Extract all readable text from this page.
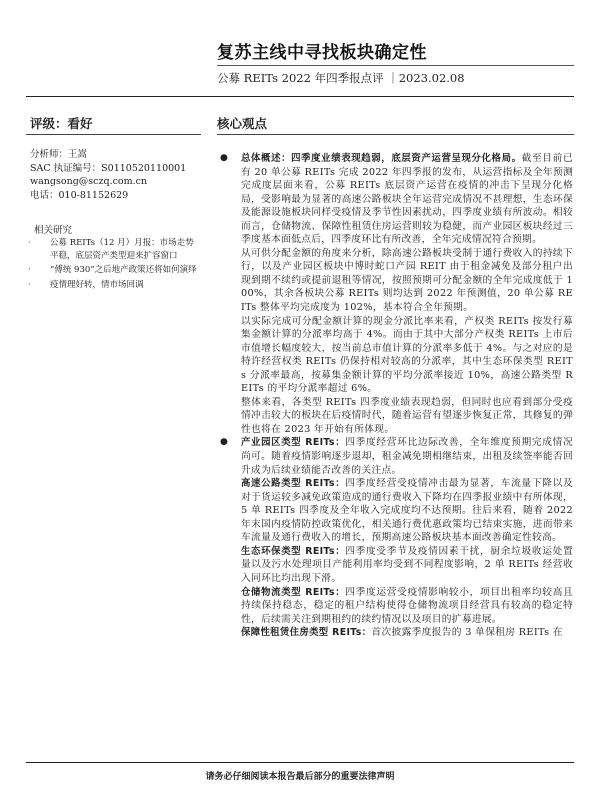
复苏主线中寻找板块确定性
公募 REITs 2022 年四季报点评 ｜2023.02.08
评级：看好	核心观点
分析师：王嵩
SAC 执证编号：S0110520110001
wangsong@sczq.com.cn
电话：010-81152629
相关研究
· 公募 REITs（12 月）月报：市场走势平稳，底层资产类型迎来扩容窗口
· “傅统 930”之后地产政策还将如何演绎
· 疫情理好转，情市场回调

● 总体概述：四季度业绩表现趋弱，底层资产运营呈现分化格局。截至目前已有 20 单公募 REITs 完成 2022 年四季报的发布，从运营指标及全年预测完成度层面来看，公募 REITs 底层资产运营在疫情的冲击下呈现分化格局，受影响最为显著的高速公路板块全年运营完成情况不甚理想，生态环保及能源设施板块同样受疫情及季节性因素扰动，四季度业绩有所波动。相较而言，仓储物流、保障性租赁住房运营则较为稳健，而产业园区板块经过三季度基本面低点后，四季度环比有所改善，全年完成情况符合预期。

从可供分配金额的角度来分析，除高速公路板块受制于通行费收入的持续下行，以及产业园区板块中博时蛇口产园 REIT 由于租金减免及部分租户出现到期不续约或提前退租等情况，按照预期可分配金额的全年完成度低于 100%，其余各板块公募 REITs 则均达到 2022 年预测值，20 单公募 REITs 整体平均完成度为 102%，基本符合全年预期。

以实际完成可分配金额计算的现金分派比率来看，产权类 REITs 按发行募集金额计算的分派率均高于 4%。而由于其中大部分产权类 REITs 上市后市值增长幅度较大，按当前总市值计算的分派率多低于 4%。与之对应的是特许经营权类 REITs 仍保持相对较高的分派率，其中生态环保类型 REITs 分派率最高，按募集金额计算的平均分派率接近 10%，高速公路类型 REITs 的平均分派率超过 6%。

整体来看，各类型 REITs 四季度业绩表现趋弱，但同时也应看到部分受疫情冲击较大的板块在后疫情时代，随着运营有望逐步恢复正常，其修复的弹性也将在 2023 年开始有所体现。

● 产业园区类型 REITs：四季度经营环比边际改善，全年维度预期完成情况尚可。随着疫情影响逐步退却，租金减免期相继结束，出租及续签率能否回升成为后续业绩能否改善的关注点。

高速公路类型 REITs：四季度经营受疫情冲击最为显著，车流量下降以及对于货运较多减免政策造成的通行费收入下降均在四季报业绩中有所体现，5 单 REITs 四季度及全年收入完成度均不达预期。往后来看，随着 2022 年末国内疫情防控政策优化，相关通行费优惠政策均已结束实施，进而带来车流量及通行费收入的增长，预期高速公路板块基本面改善确定性较高。

生态环保类型 REITs：四季度受季节及疫情因素干扰，厨余垃圾收运处置量以及污水处理项目产能利用率均受到不同程度影响，2 单 REITs 经营收入同环比均出现下滑。

仓储物流类型 REITs：四季度运营受疫情影响较小，项目出租率均较高且持续保持稳态，稳定的租户结构使得仓储物流项目经营具有较高的稳定特性，后续需关注到期租约的续约情况以及项目的扩募进展。

保障性租赁住房类型 REITs：首次披露季度报告的 3 单保租房 REITs 在

请务必仔细阅读本报告最后部分的重要法律声明
